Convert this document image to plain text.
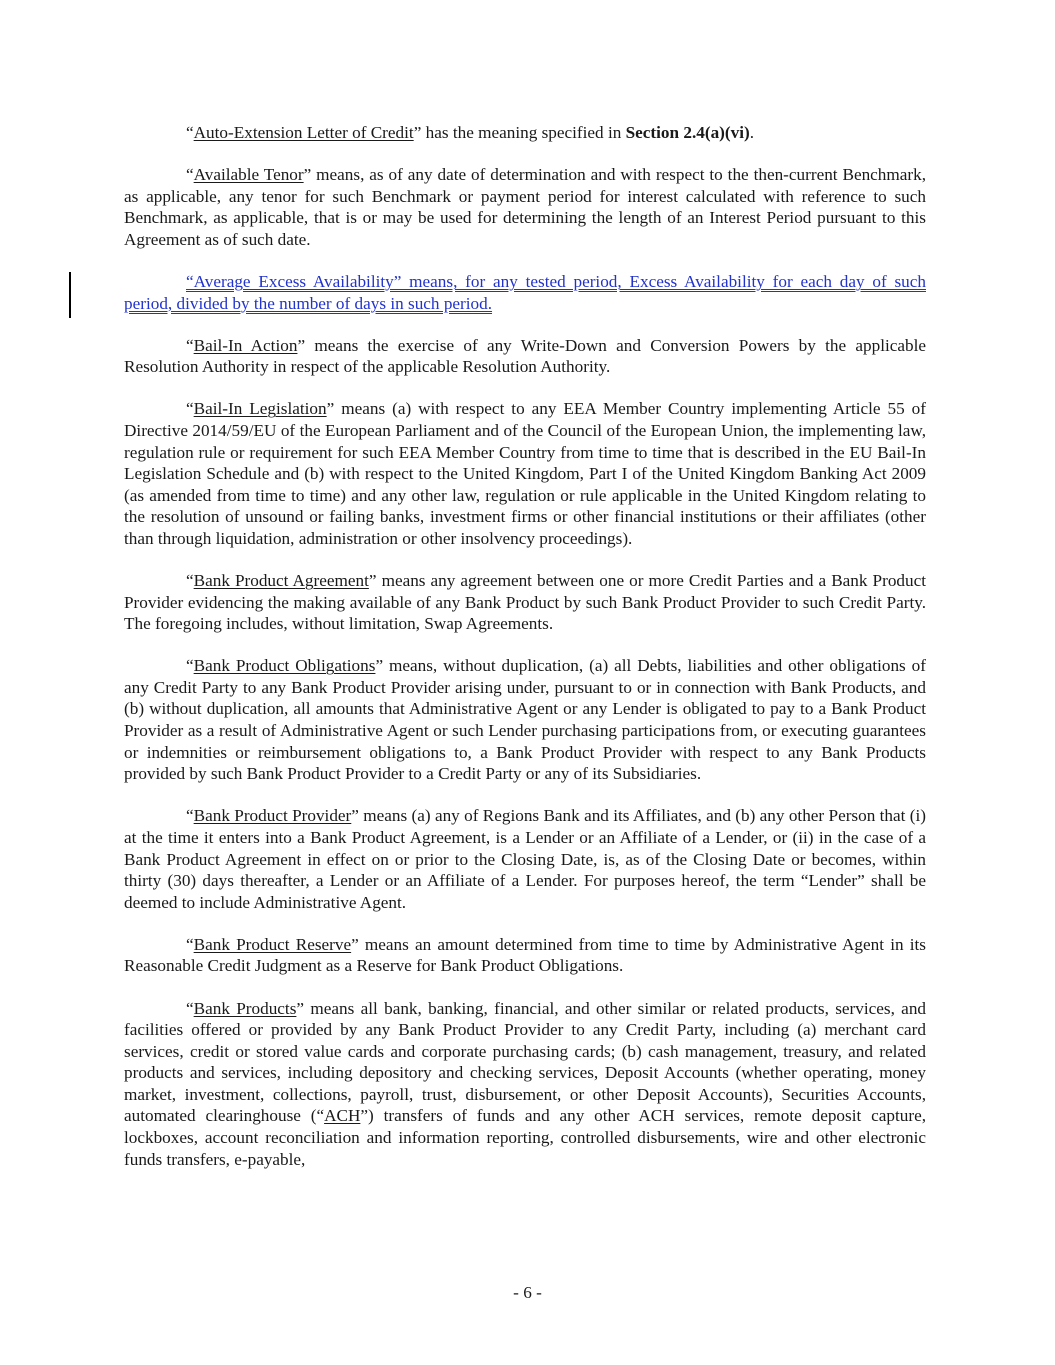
“Auto-Extension Letter of Credit” has the meaning specified in Section 2.4(a)(vi).

“Available Tenor” means, as of any date of determination and with respect to the then-current Benchmark, as applicable, any tenor for such Benchmark or payment period for interest calculated with reference to such Benchmark, as applicable, that is or may be used for determining the length of an Interest Period pursuant to this Agreement as of such date.

“Average Excess Availability” means, for any tested period, Excess Availability for each day of such period, divided by the number of days in such period.

“Bail-In Action” means the exercise of any Write-Down and Conversion Powers by the applicable Resolution Authority in respect of the applicable Resolution Authority.

“Bail-In Legislation” means (a) with respect to any EEA Member Country implementing Article 55 of Directive 2014/59/EU of the European Parliament and of the Council of the European Union, the implementing law, regulation rule or requirement for such EEA Member Country from time to time that is described in the EU Bail-In Legislation Schedule and (b) with respect to the United Kingdom, Part I of the United Kingdom Banking Act 2009 (as amended from time to time) and any other law, regulation or rule applicable in the United Kingdom relating to the resolution of unsound or failing banks, investment firms or other financial institutions or their affiliates (other than through liquidation, administration or other insolvency proceedings).

“Bank Product Agreement” means any agreement between one or more Credit Parties and a Bank Product Provider evidencing the making available of any Bank Product by such Bank Product Provider to such Credit Party. The foregoing includes, without limitation, Swap Agreements.

“Bank Product Obligations” means, without duplication, (a) all Debts, liabilities and other obligations of any Credit Party to any Bank Product Provider arising under, pursuant to or in connection with Bank Products, and (b) without duplication, all amounts that Administrative Agent or any Lender is obligated to pay to a Bank Product Provider as a result of Administrative Agent or such Lender purchasing participations from, or executing guarantees or indemnities or reimbursement obligations to, a Bank Product Provider with respect to any Bank Products provided by such Bank Product Provider to a Credit Party or any of its Subsidiaries.

“Bank Product Provider” means (a) any of Regions Bank and its Affiliates, and (b) any other Person that (i) at the time it enters into a Bank Product Agreement, is a Lender or an Affiliate of a Lender, or (ii) in the case of a Bank Product Agreement in effect on or prior to the Closing Date, is, as of the Closing Date or becomes, within thirty (30) days thereafter, a Lender or an Affiliate of a Lender. For purposes hereof, the term “Lender” shall be deemed to include Administrative Agent.

“Bank Product Reserve” means an amount determined from time to time by Administrative Agent in its Reasonable Credit Judgment as a Reserve for Bank Product Obligations.

“Bank Products” means all bank, banking, financial, and other similar or related products, services, and facilities offered or provided by any Bank Product Provider to any Credit Party, including (a) merchant card services, credit or stored value cards and corporate purchasing cards; (b) cash management, treasury, and related products and services, including depository and checking services, Deposit Accounts (whether operating, money market, investment, collections, payroll, trust, disbursement, or other Deposit Accounts), Securities Accounts, automated clearinghouse (“ACH”) transfers of funds and any other ACH services, remote deposit capture, lockboxes, account reconciliation and information reporting, controlled disbursements, wire and other electronic funds transfers, e-payable,

- 6 -
